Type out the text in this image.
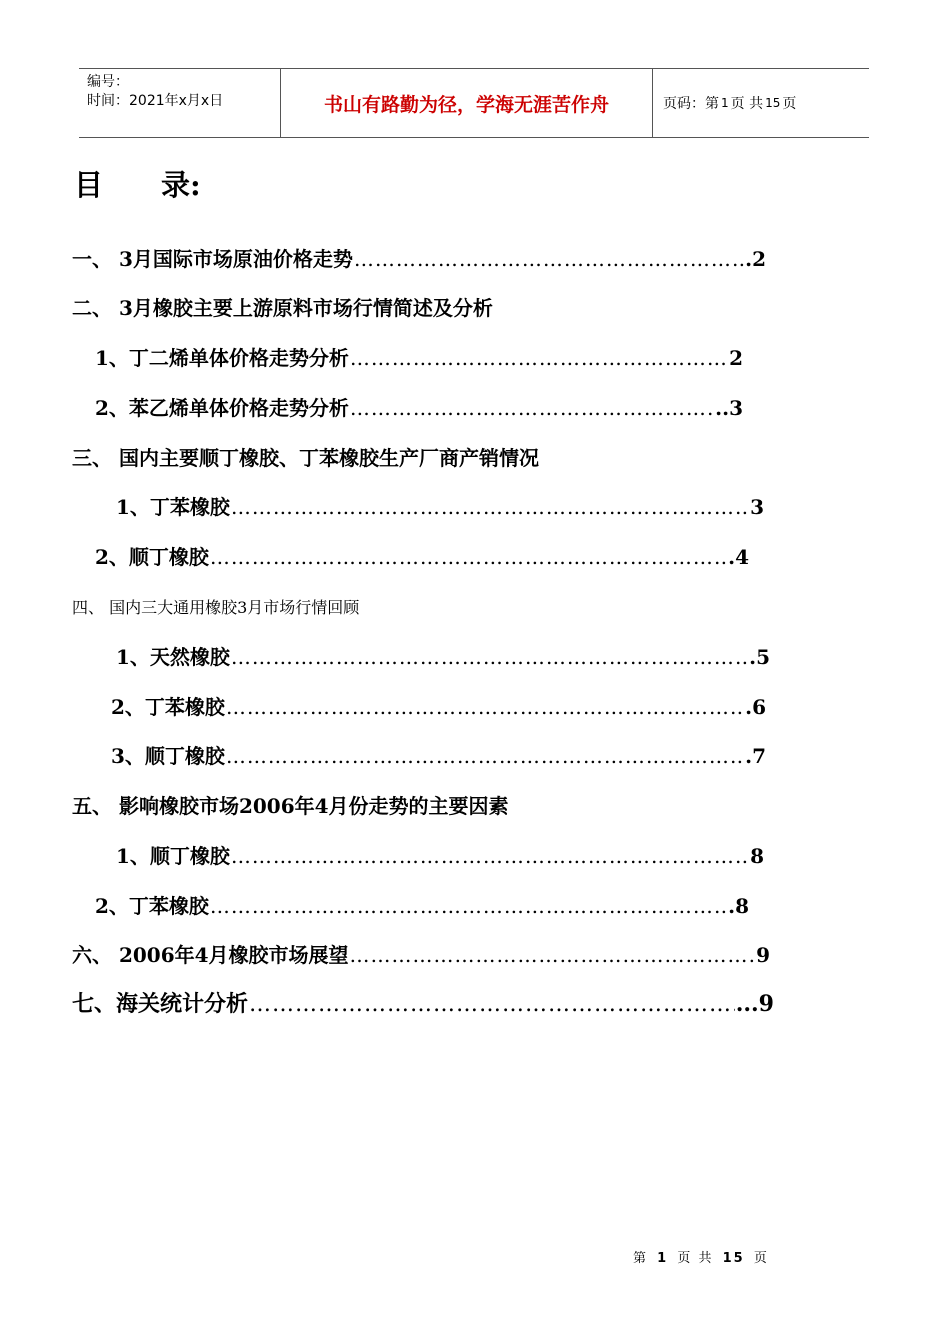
编号：
时间：2021年x月x日	书山有路勤为径，学海无涯苦作舟	页码：第 1 页 共 15 页
目 录:
一、 3月国际市场原油价格走势 …………………………………………………………………………………………………………………………………………………	.2
二、 3月橡胶主要上游原料市场行情简述及分析
1、丁二烯单体价格走势分析 …………………………………………………………………………………………………………………………………………………	2
2、苯乙烯单体价格走势分析 …………………………………………………………………………………………………………………………………………………	..3
三、 国内主要顺丁橡胶、丁苯橡胶生产厂商产销情况
1、丁苯橡胶 …………………………………………………………………………………………………………………………………………………	3
2、顺丁橡胶 …………………………………………………………………………………………………………………………………………………	.4
四、 国内三大通用橡胶3月市场行情回顾
1、天然橡胶 …………………………………………………………………………………………………………………………………………………	.5
2、丁苯橡胶 …………………………………………………………………………………………………………………………………………………	.6
3、顺丁橡胶 …………………………………………………………………………………………………………………………………………………	.7
五、 影响橡胶市场2006年4月份走势的主要因素
1、顺丁橡胶 …………………………………………………………………………………………………………………………………………………	8
2、丁苯橡胶 …………………………………………………………………………………………………………………………………………………	.8
六、 2006年4月橡胶市场展望 …………………………………………………………………………………………………………………………………………………	9
七、海关统计分析 …………………………………………………………………………………………………………………………………………………	...9
第 1 页 共 15 页
